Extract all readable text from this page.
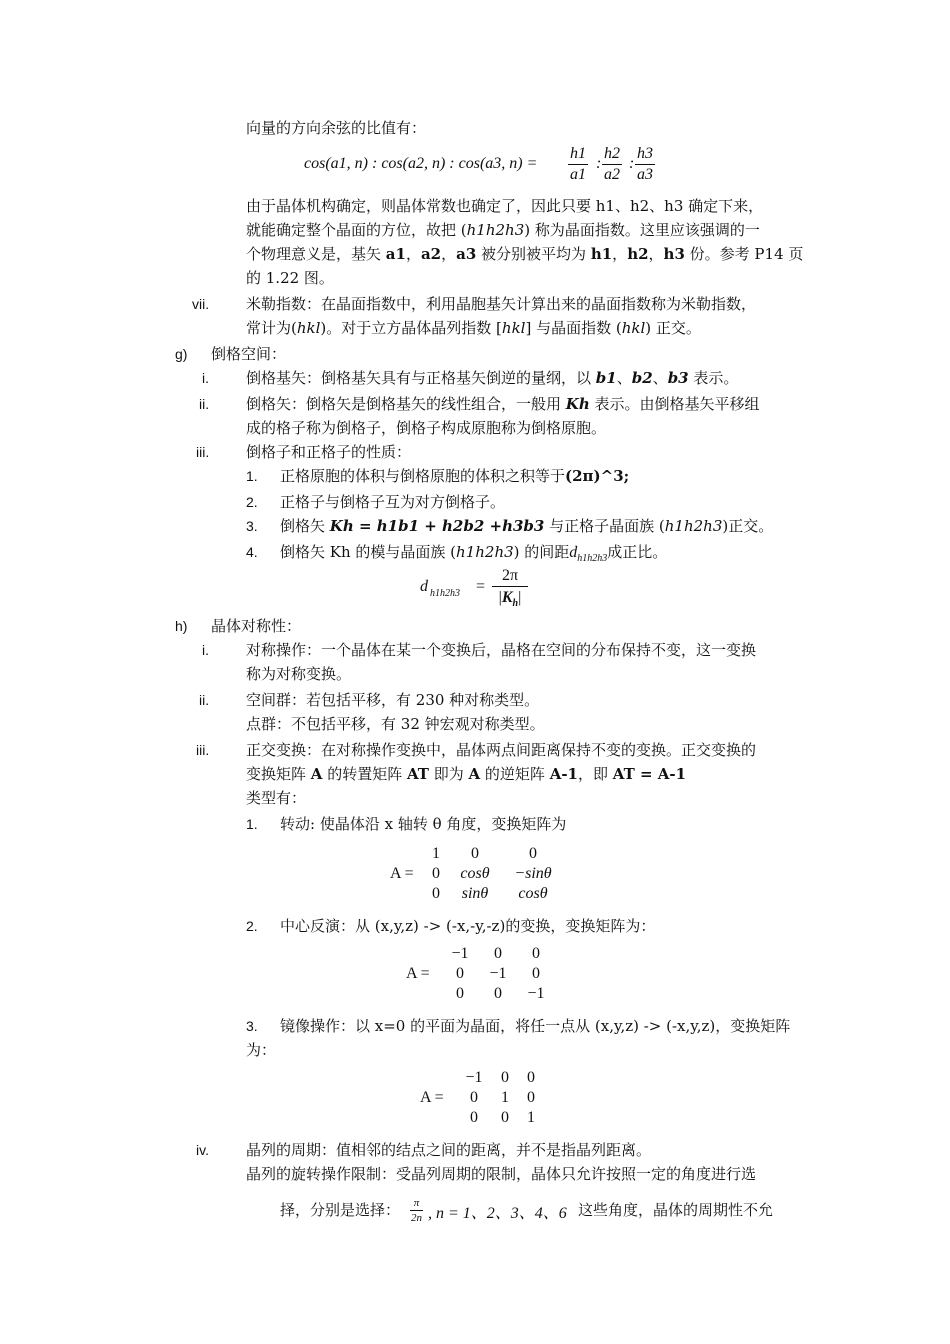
向量的方向余弦的比值有：
cos(a1, n) : cos(a2, n) : cos(a3, $n) = \frac{h1}{a1}$ : $\frac{h2}{a2}$ : $\frac{h3}{a3}$
由于晶体机构确定，则晶体常数也确定了，因此只要 h1、h2、h3 确定下来，
就能确定整个晶面的方位，故把 (h1h2h3) 称为晶面指数。这里应该强调的一
个物理意义是，基矢 a1，a2，a3 被分别被平均为 h1，h2，h3 份。参考 P14 页
的 1.22 图。
vii. 米勒指数：在晶面指数中，利用晶胞基矢计算出来的晶面指数称为米勒指数，
常计为(hkl)。对于立方晶体晶列指数 [hkl] 与晶面指数 (hkl) 正交。
g) 倒格空间：
i. 倒格基矢：倒格基矢具有与正格基矢倒逆的量纲，以 b1、b2、b3 表示。
ii. 倒格矢：倒格矢是倒格基矢的线性组合，一般用 Kh 表示。由倒格基矢平移组
成的格子称为倒格子，倒格子构成原胞称为倒格原胞。
iii. 倒格子和正格子的性质：
1. 正格原胞的体积与倒格原胞的体积之积等于(2π)^3;
2. 正格子与倒格子互为对方倒格子。
3. 倒格矢 Kh = h1b1 + h2b2 +h3b3 与正格子晶面族 (h1h2h3)正交。
4. 倒格矢 Kh 的模与晶面族 (h1h2h3) 的间距$d_{h1h2h3}$成正比。
d h1h2h3 =
2π
$|K_h|$
h) 晶体对称性：
i. 对称操作：一个晶体在某一个变换后，晶格在空间的分布保持不变，这一变换
称为对称变换。
ii. 空间群：若包括平移，有 230 种对称类型。
点群：不包括平移，有 32 钟宏观对称类型。
iii. 正交变换：在对称操作变换中，晶体两点间距离保持不变的变换。正交变换的
变换矩阵 A 的转置矩阵 AT 即为 A 的逆矩阵 A-1，即 AT = A-1
类型有：
1. 转动: 使晶体沿 x 轴转 θ 角度，变换矩阵为
A =
1	0	0
0	cosθ	−sinθ
0	sinθ	cosθ
2. 中心反演：从 (x,y,z) -> (-x,-y,-z)的变换，变换矩阵为：
A =
−1	0	0
0	−1	0
0	0	−1
3. 镜像操作：以 x=0 的平面为晶面，将任一点从 (x,y,z) -> (-x,y,z)，变换矩阵
为：
A =
−1	0	0
0	1	0
0	0	1
iv. 晶列的周期：值相邻的结点之间的距离，并不是指晶列距离。
晶列的旋转操作限制：受晶列周期的限制，晶体只允许按照一定的角度进行选
择，分别是选择：	π
2n , n = 1、2、3、4、6 这些角度，晶体的周期性不允
